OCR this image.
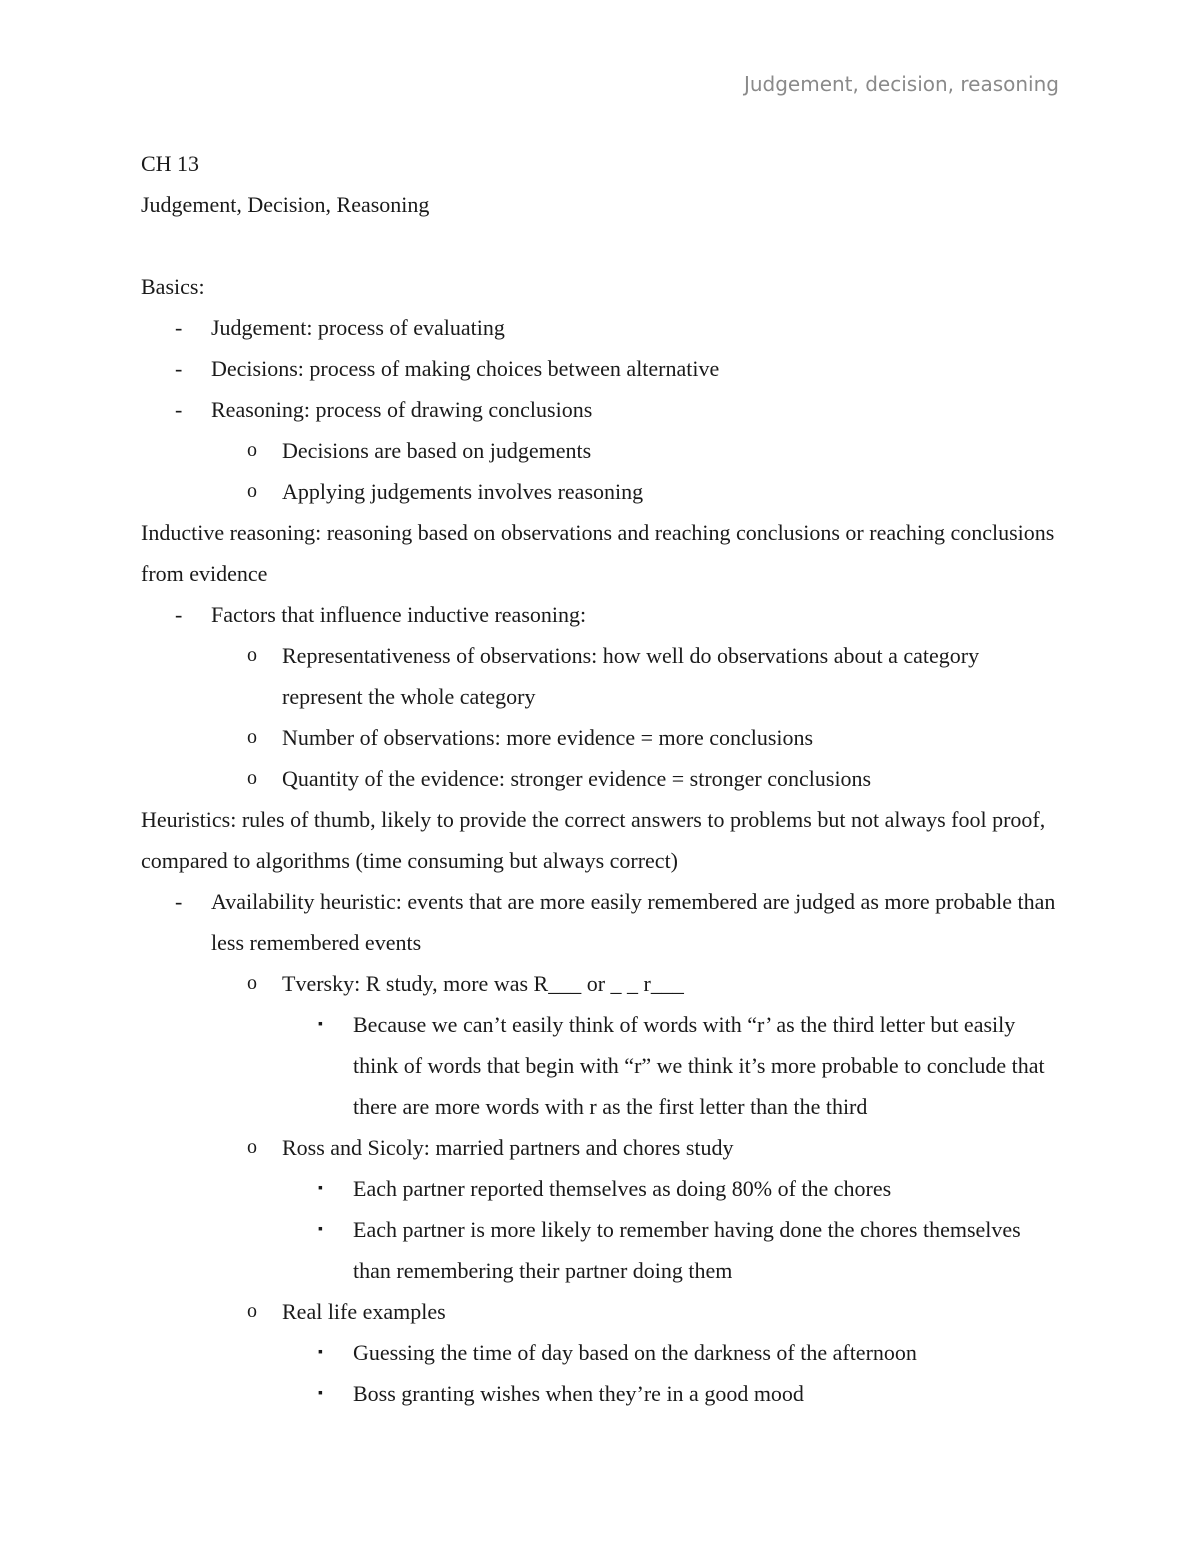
Judgement, decision, reasoning
CH 13
Judgement, Decision, Reasoning
Basics:
- Judgement: process of evaluating
- Decisions: process of making choices between alternative
- Reasoning: process of drawing conclusions
o Decisions are based on judgements
o Applying judgements involves reasoning
Inductive reasoning: reasoning based on observations and reaching conclusions or reaching conclusions from evidence
- Factors that influence inductive reasoning:
o Representativeness of observations: how well do observations about a category represent the whole category
o Number of observations: more evidence = more conclusions
o Quantity of the evidence: stronger evidence = stronger conclusions
Heuristics: rules of thumb, likely to provide the correct answers to problems but not always fool proof, compared to algorithms (time consuming but always correct)
- Availability heuristic: events that are more easily remembered are judged as more probable than less remembered events
o Tversky: R study, more was R___ or _ _ r___
▪ Because we can’t easily think of words with “r’ as the third letter but easily think of words that begin with “r” we think it’s more probable to conclude that there are more words with r as the first letter than the third
o Ross and Sicoly: married partners and chores study
▪ Each partner reported themselves as doing 80% of the chores
▪ Each partner is more likely to remember having done the chores themselves than remembering their partner doing them
o Real life examples
▪ Guessing the time of day based on the darkness of the afternoon
▪ Boss granting wishes when they’re in a good mood
